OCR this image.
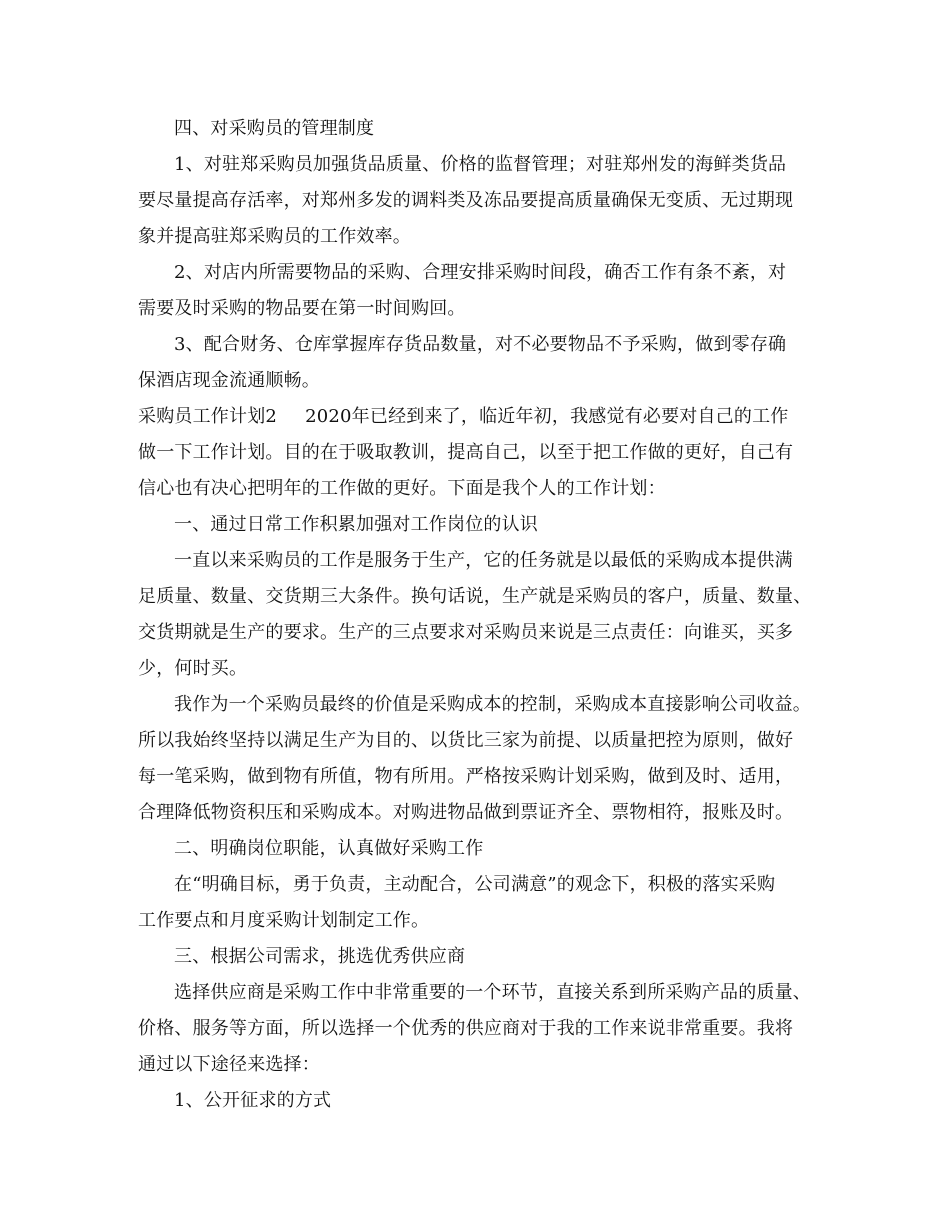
四、对采购员的管理制度
1、对驻郑采购员加强货品质量、价格的监督管理；对驻郑州发的海鲜类货品
要尽量提高存活率，对郑州多发的调料类及冻品要提高质量确保无变质、无过期现
象并提高驻郑采购员的工作效率。
2、对店内所需要物品的采购、合理安排采购时间段，确否工作有条不紊，对
需要及时采购的物品要在第一时间购回。
3、配合财务、仓库掌握库存货品数量，对不必要物品不予采购，做到零存确
保酒店现金流通顺畅。
采购员工作计划2 2020年已经到来了，临近年初，我感觉有必要对自己的工作
做一下工作计划。目的在于吸取教训，提高自己，以至于把工作做的更好，自己有
信心也有决心把明年的工作做的更好。下面是我个人的工作计划：
一、通过日常工作积累加强对工作岗位的认识
一直以来采购员的工作是服务于生产，它的任务就是以最低的采购成本提供满
足质量、数量、交货期三大条件。换句话说，生产就是采购员的客户，质量、数量、
交货期就是生产的要求。生产的三点要求对采购员来说是三点责任：向谁买，买多
少，何时买。
我作为一个采购员最终的价值是采购成本的控制，采购成本直接影响公司收益。
所以我始终坚持以满足生产为目的、以货比三家为前提、以质量把控为原则，做好
每一笔采购，做到物有所值，物有所用。严格按采购计划采购，做到及时、适用，
合理降低物资积压和采购成本。对购进物品做到票证齐全、票物相符，报账及时。
二、明确岗位职能，认真做好采购工作
在“明确目标，勇于负责，主动配合，公司满意”的观念下，积极的落实采购
工作要点和月度采购计划制定工作。
三、根据公司需求，挑选优秀供应商
选择供应商是采购工作中非常重要的一个环节，直接关系到所采购产品的质量、
价格、服务等方面，所以选择一个优秀的供应商对于我的工作来说非常重要。我将
通过以下途径来选择：
1、公开征求的方式
